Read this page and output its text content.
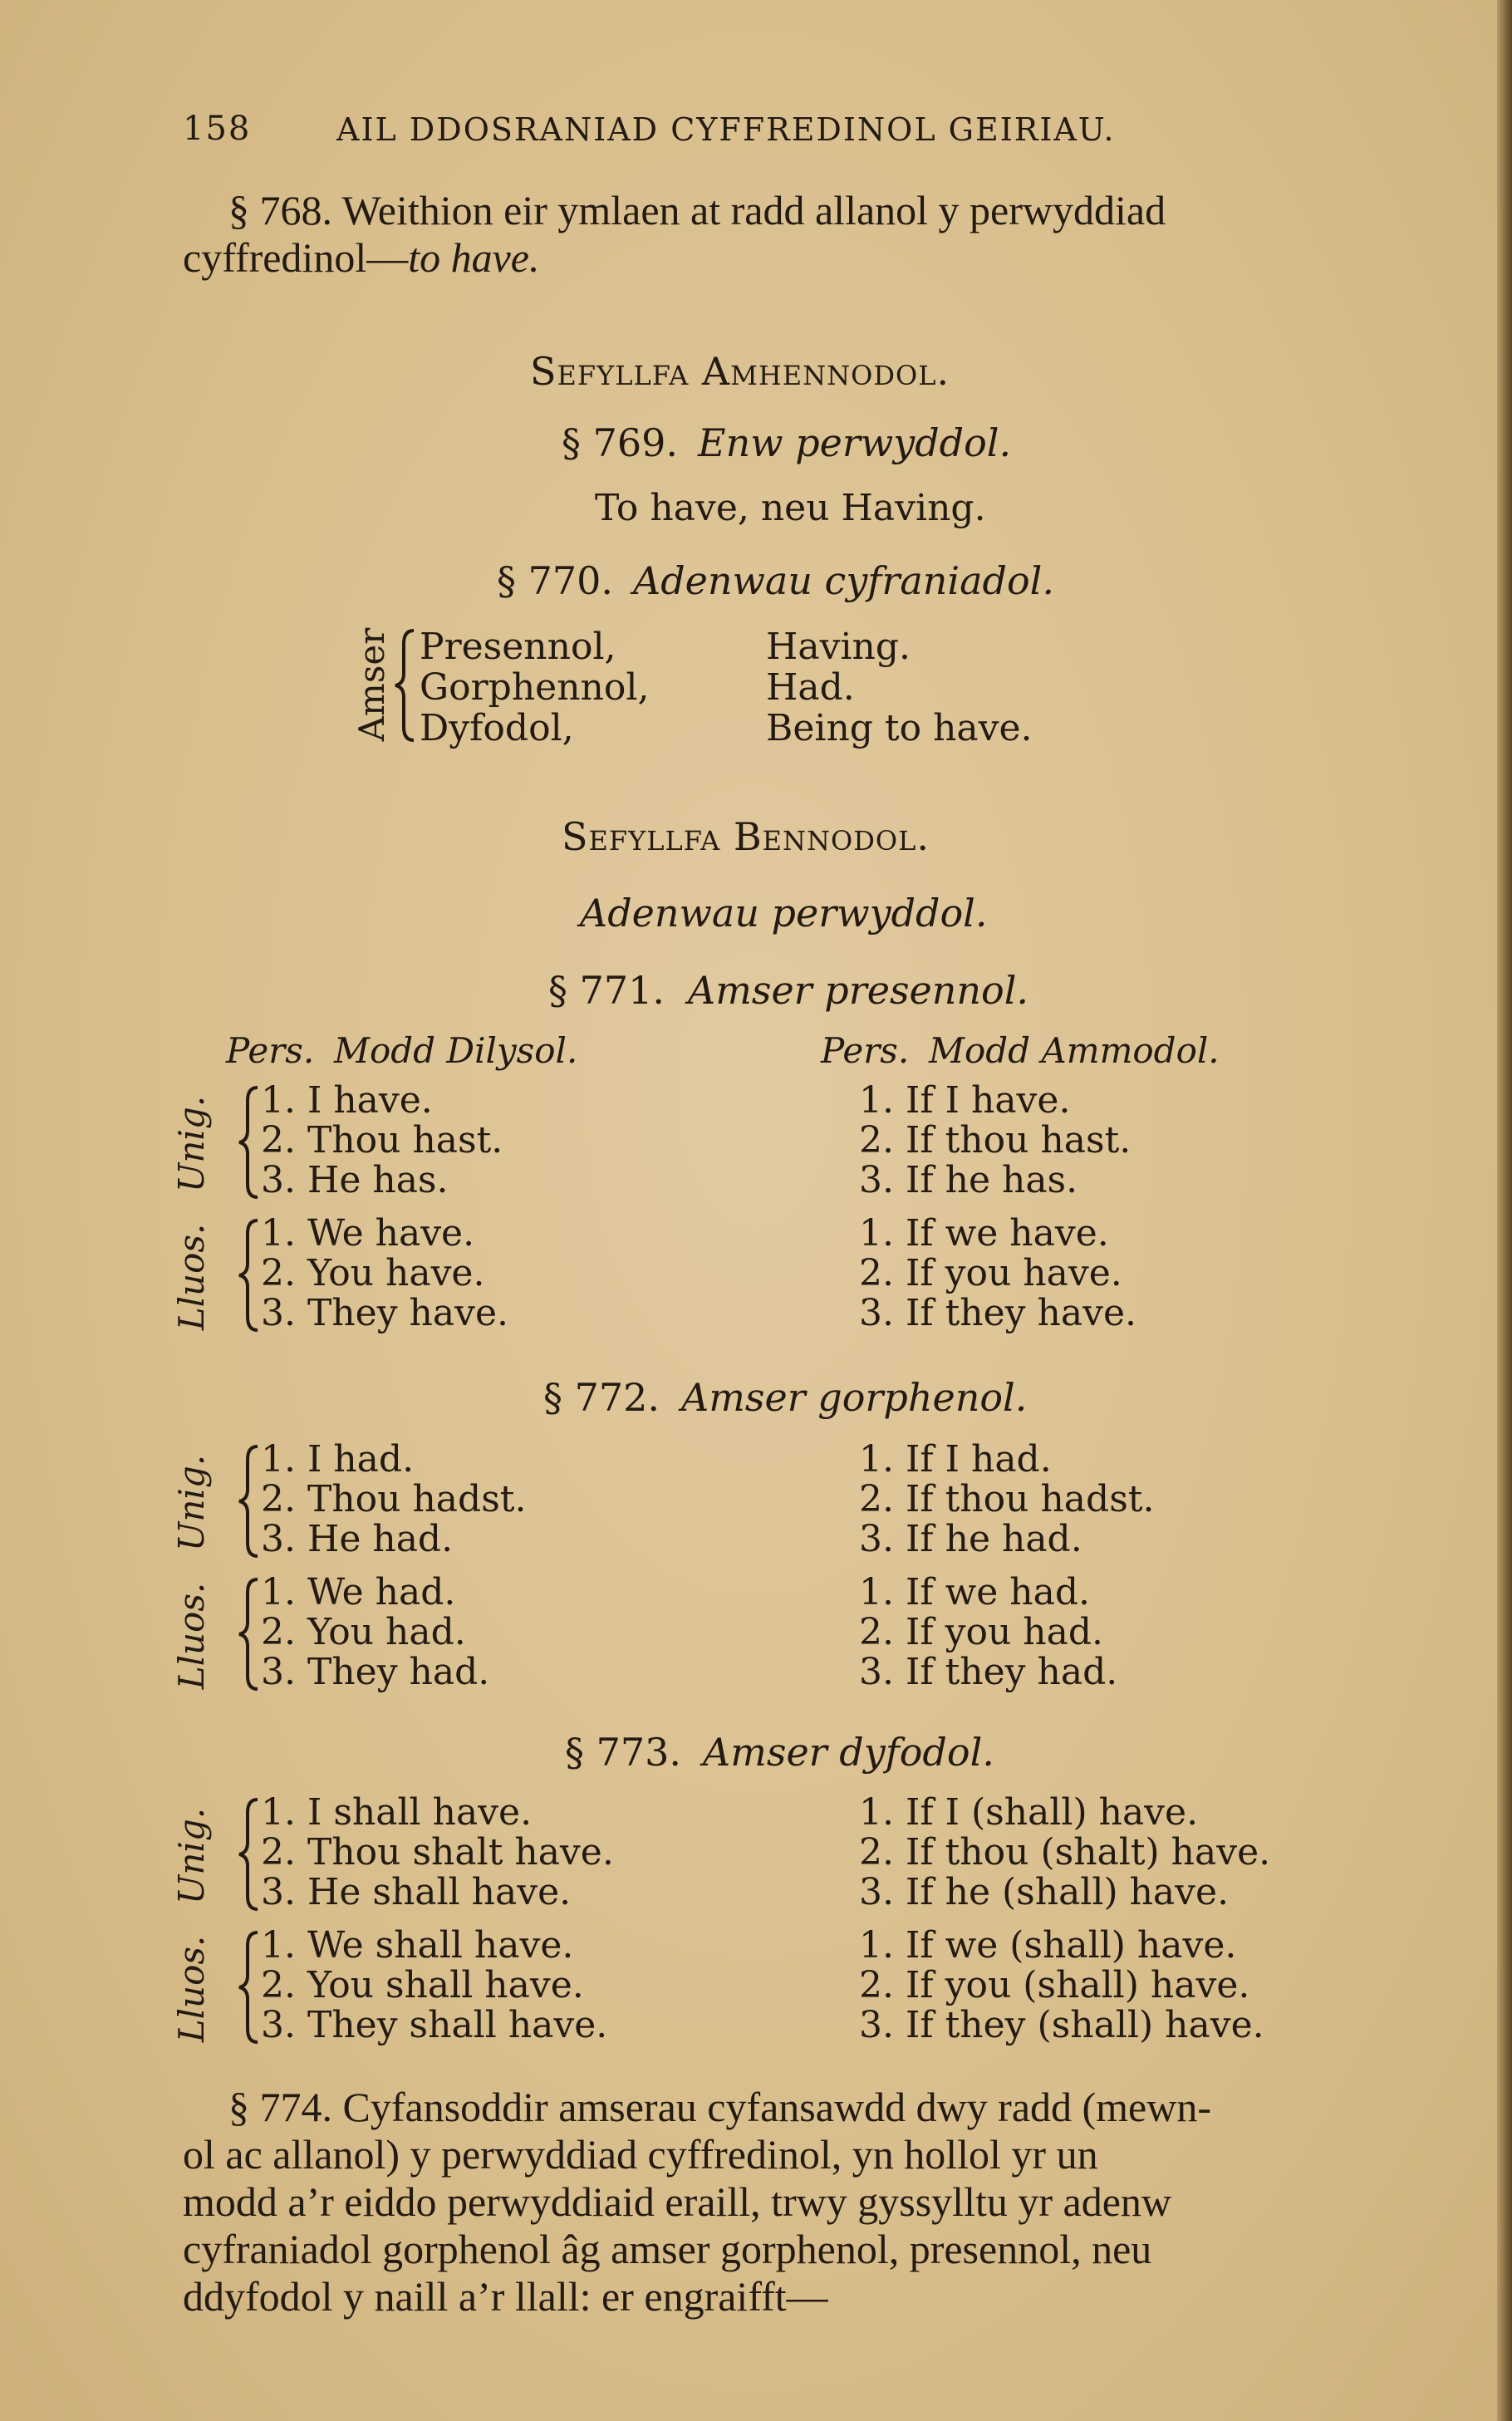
158	AIL DDOSRANIAD CYFFREDINOL GEIRIAU.
§ 768. Weithion eir ymlaen at radd allanol y perwyddiad
cyffredinol—to have.
Sefyllfa Amhennodol.
§ 769. Enw perwyddol.
To have, neu Having.
§ 770. Adenwau cyfraniadol.
Amser Presennol,	Having.
Gorphennol,	Had.
Dyfodol,	Being to have.
Sefyllfa Bennodol.
Adenwau perwyddol.
§ 771. Amser presennol.
Pers. Modd Dilysol.	Pers. Modd Ammodol.
Unig. 1. I have.	1. If I have.
2. Thou hast.	2. If thou hast.
3. He has.	3. If he has.
Lluos. 1. We have.	1. If we have.
2. You have.	2. If you have.
3. They have.	3. If they have.
Unig. 1. I had.	1. If I had.
2. Thou hadst.	2. If thou hadst.
3. He had.	3. If he had.
Lluos. 1. We had.	1. If we had.
2. You had.	2. If you had.
3. They had.	3. If they had.
Unig. 1. I shall have.	1. If I (shall) have.
2. Thou shalt have.	2. If thou (shalt) have.
3. He shall have.	3. If he (shall) have.
Lluos. 1. We shall have.	1. If we (shall) have.
2. You shall have.	2. If you (shall) have.
3. They shall have.	3. If they (shall) have.
§ 772. Amser gorphenol.
§ 773. Amser dyfodol.
§ 774. Cyfansoddir amserau cyfansawdd dwy radd (mewn-
ol ac allanol) y perwyddiad cyffredinol, yn hollol yr un
modd a’r eiddo perwyddiaid eraill, trwy gyssylltu yr adenw
cyfraniadol gorphenol âg amser gorphenol, presennol, neu
ddyfodol y naill a’r llall: er engraifft—
